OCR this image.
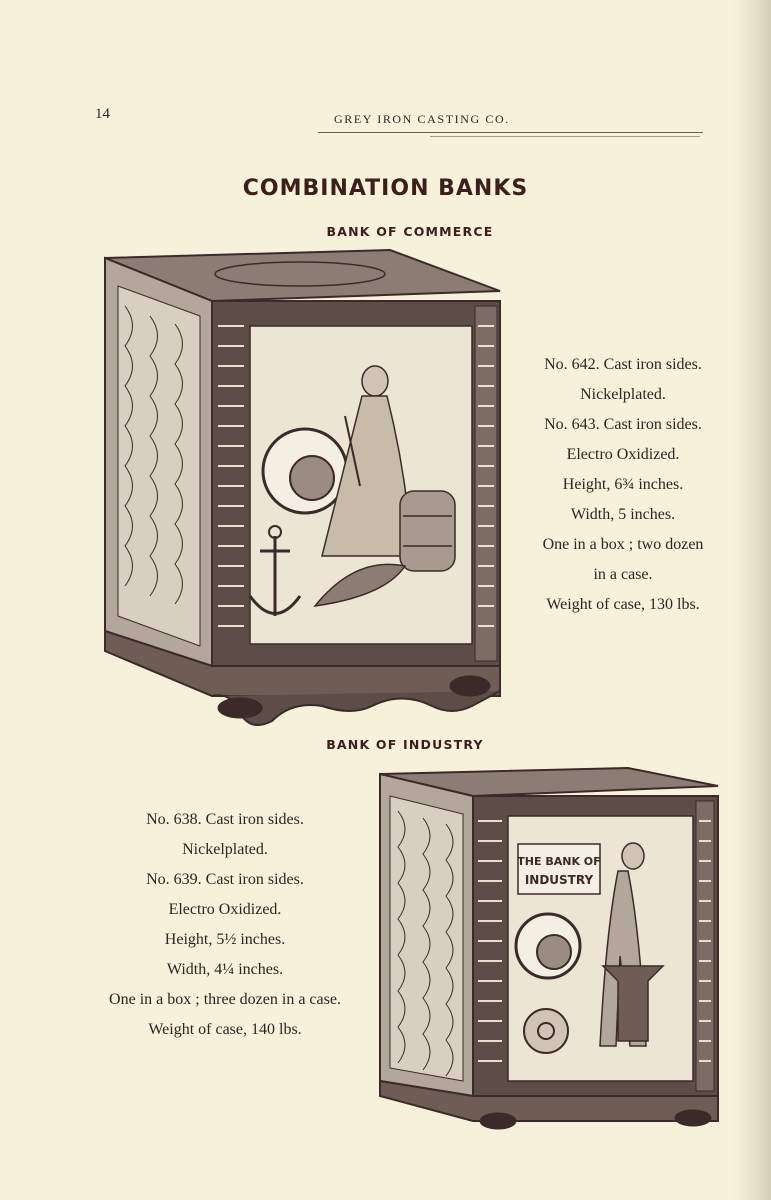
14	GREY IRON CASTING CO.
COMBINATION BANKS
BANK OF COMMERCE
No. 642. Cast iron sides.
Nickelplated.
No. 643. Cast iron sides.
Electro Oxidized.
Height, 6¾ inches.
Width, 5 inches.
One in a box ; two dozen
in a case.
Weight of case, 130 lbs.
BANK OF INDUSTRY
No. 638. Cast iron sides.
Nickelplated.
No. 639. Cast iron sides.
Electro Oxidized.
Height, 5½ inches.
Width, 4¼ inches.
One in a box ; three dozen in a case.
Weight of case, 140 lbs.
THE BANK OF
INDUSTRY
